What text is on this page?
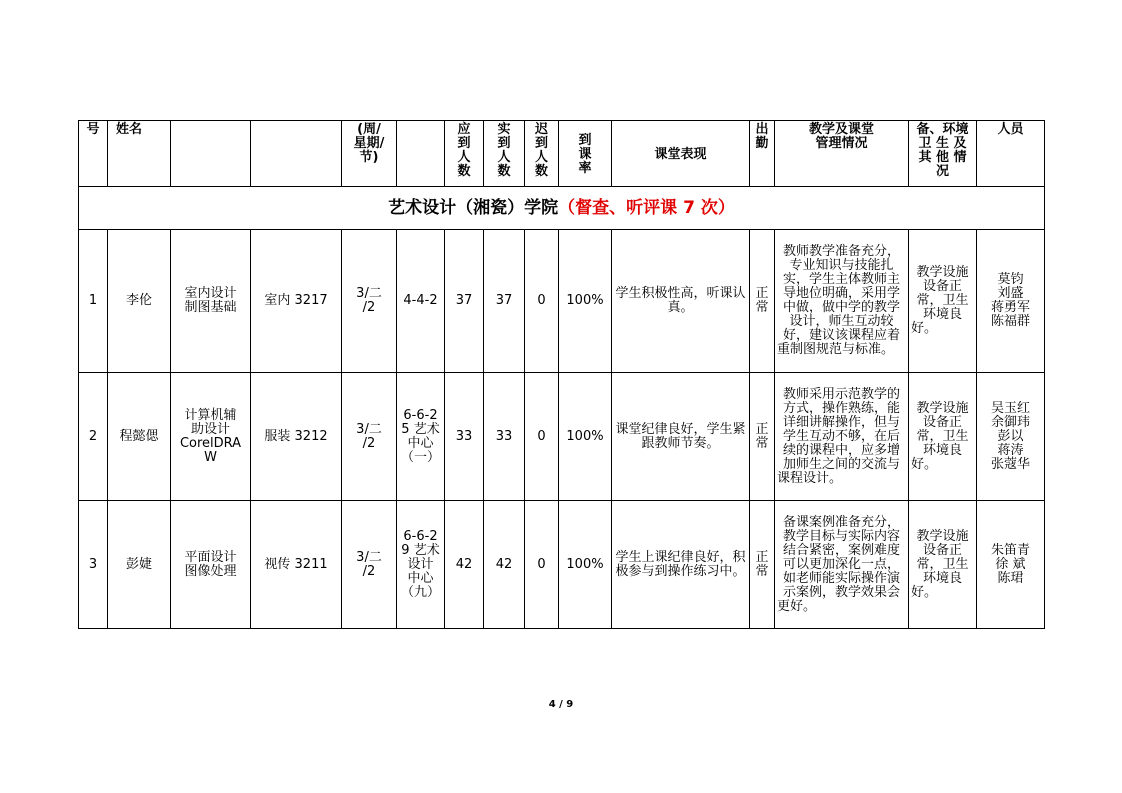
号	姓名			(周/
星期/
节)		应
到
人
数	实
到
人
数	迟
到
人
数	到
课
率	课堂表现	出
勤	教学及课堂
管理情况	备、环境
卫 生 及
其 他 情
况	人员
艺术设计（湘瓷）学院（督查、听评课 7 次）														
1	李伦	室内设计
制图基础	室内 3217	3/二
/2	4-4-2	37	37	0	100%	学生积极性高，听课认真。	正
常	教师教学准备充分，专业知识与技能扎实，学生主体教师主导地位明确，采用学中做，做中学的教学设计，师生互动较好，建议该课程应着重制图规范与标准。	教学设施设备正常，卫生环境良好。	莫钧
刘盛
蒋勇军
陈福群
2	程懿偲	计算机辅
助设计
CorelDRA
W	服装 3212	3/二
/2	6-6-2
5 艺术
中心
（一）	33	33	0	100%	课堂纪律良好，学生紧跟教师节奏。	正
常	教师采用示范教学的方式，操作熟练，能详细讲解操作，但与学生互动不够，在后续的课程中，应多增加师生之间的交流与课程设计。	教学设施设备正常，卫生环境良好。	吴玉红
余御玮
彭以
蒋涛
张蔻华
3	彭婕	平面设计
图像处理	视传 3211	3/二
/2	6-6-2
9 艺术
设计
中心
（九）	42	42	0	100%	学生上课纪律良好，积极参与到操作练习中。	正
常	备课案例准备充分，教学目标与实际内容结合紧密，案例难度可以更加深化一点，如老师能实际操作演示案例，教学效果会更好。	教学设施设备正常，卫生环境良好。	朱笛青
徐 斌
陈珺
4 / 9
